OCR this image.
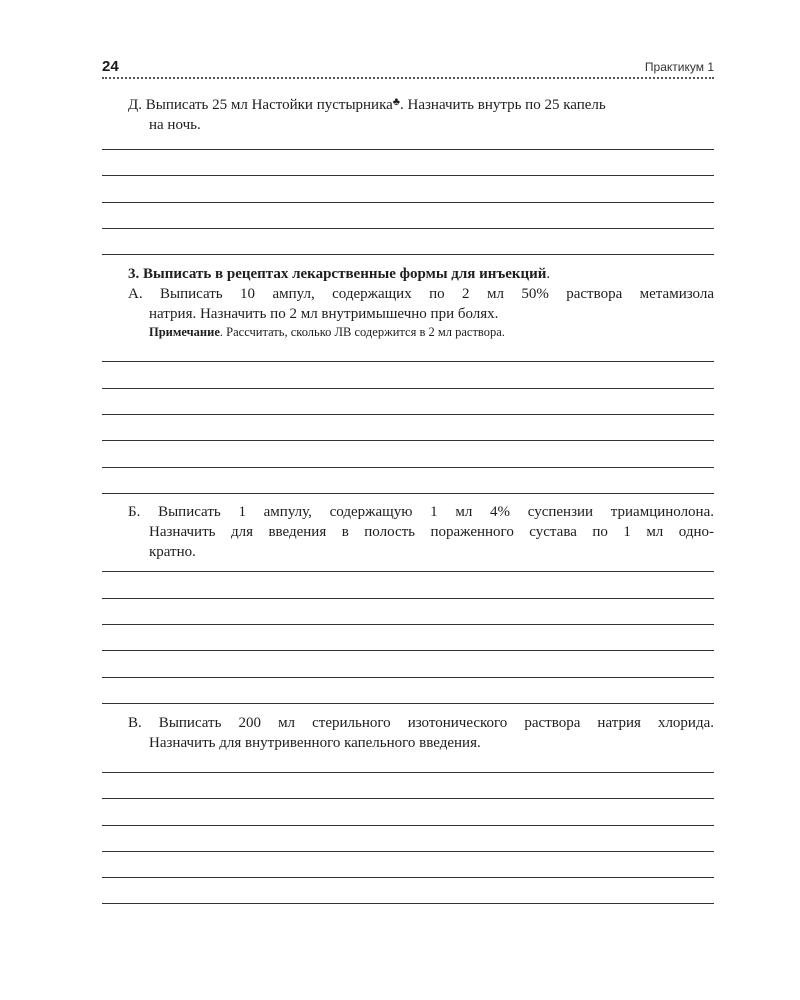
24	Практикум 1
Д. Выписать 25 мл Настойки пустырника♣. Назначить внутрь по 25 капель
на ночь.
3. Выписать в рецептах лекарственные формы для инъекций.
А. Выписать 10 ампул, содержащих по 2 мл 50% раствора метамизола
натрия. Назначить по 2 мл внутримышечно при болях.
Примечание. Рассчитать, сколько ЛВ содержится в 2 мл раствора.
Б. Выписать 1 ампулу, содержащую 1 мл 4% суспензии триамцинолона.
Назначить для введения в полость пораженного сустава по 1 мл одно-
кратно.
В. Выписать 200 мл стерильного изотонического раствора натрия хлорида.
Назначить для внутривенного капельного введения.
